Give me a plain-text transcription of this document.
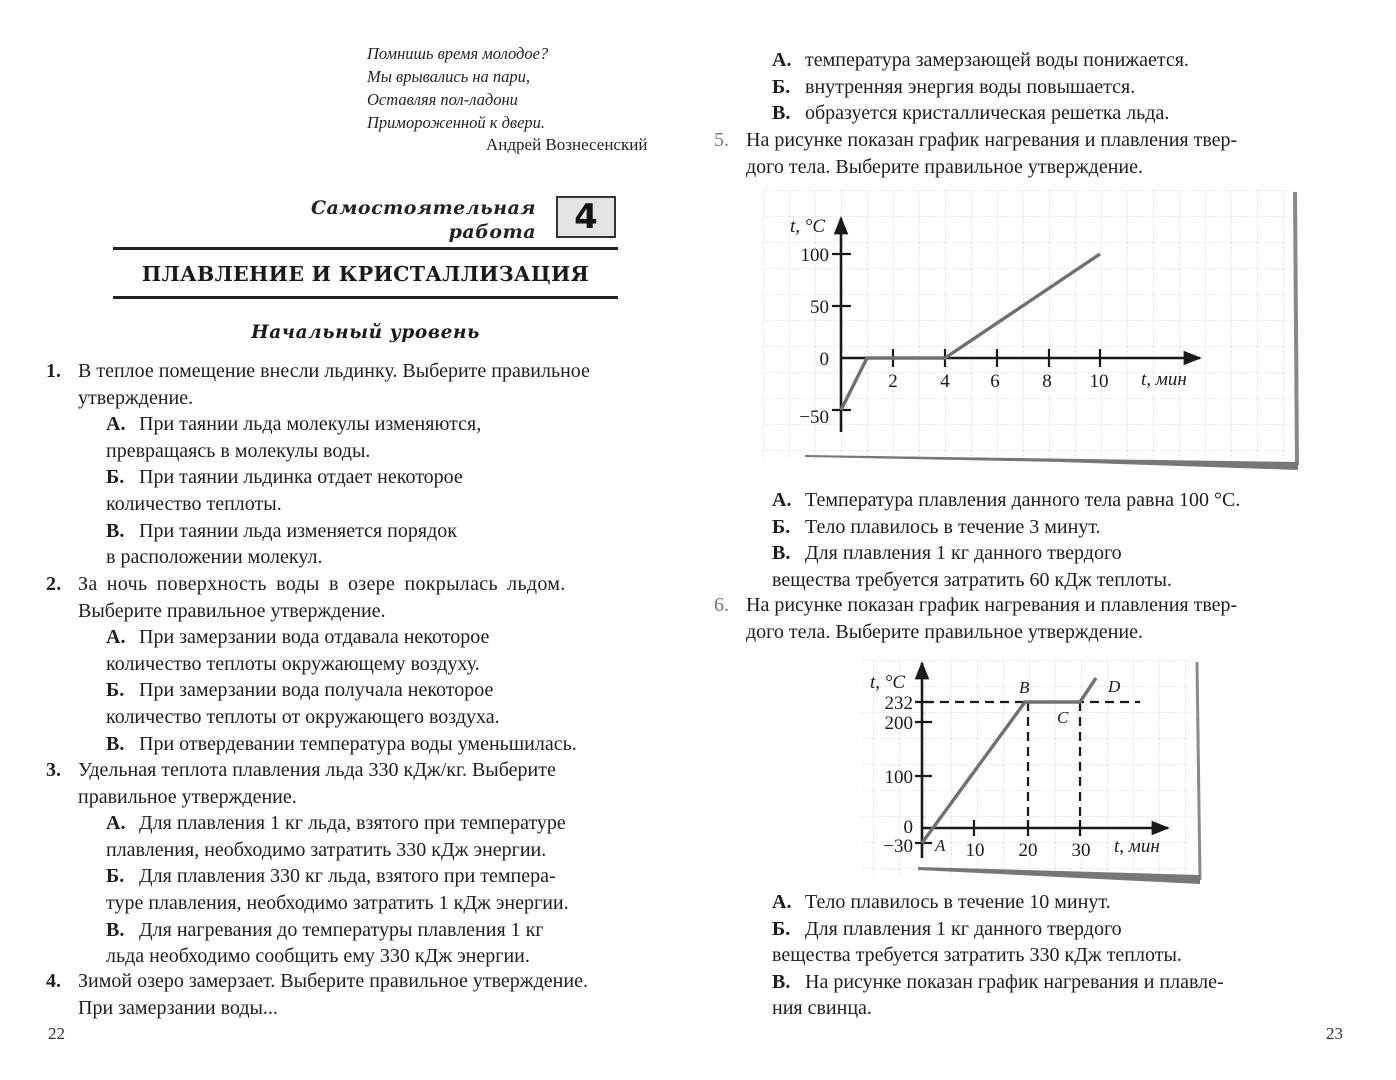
Помнишь время молодое?
Мы врывались на пари,
Оставляя пол-ладони
Примороженной к двери.
Андрей Вознесенский
Самостоятельная
работа	4
ПЛАВЛЕНИЕ И КРИСТАЛЛИЗАЦИЯ
Начальный уровень
1. В теплое помещение внесли льдинку. Выберите правильное
утверждение.
А. При таянии льда молекулы изменяются,
превращаясь в молекулы воды.
Б. При таянии льдинка отдает некоторое
количество теплоты.
В. При таянии льда изменяется порядок
в расположении молекул.
2. За ночь поверхность воды в озере покрылась льдом.
Выберите правильное утверждение.
А. При замерзании вода отдавала некоторое
количество теплоты окружающему воздуху.
Б. При замерзании вода получала некоторое
количество теплоты от окружающего воздуха.
В. При отвердевании температура воды уменьшилась.
3. Удельная теплота плавления льда 330 кДж/кг. Выберите
правильное утверждение.
А. Для плавления 1 кг льда, взятого при температуре
плавления, необходимо затратить 330 кДж энергии.
Б. Для плавления 330 кг льда, взятого при темпера-
туре плавления, необходимо затратить 1 кДж энергии.
В. Для нагревания до температуры плавления 1 кг
льда необходимо сообщить ему 330 кДж энергии.
4. Зимой озеро замерзает. Выберите правильное утверждение.
При замерзании воды...
22
А. температура замерзающей воды понижается.
Б. внутренняя энергия воды повышается.
В. образуется кристаллическая решетка льда.
5. На рисунке показан график нагревания и плавления твер-
дого тела. Выберите правильное утверждение.
t, °C
100
50
0
−50
2 4 6 8 10 t, мин
А. Температура плавления данного тела равна 100 °С.
Б. Тело плавилось в течение 3 минут.
В. Для плавления 1 кг данного твердого
вещества требуется затратить 60 кДж теплоты.
6. На рисунке показан график нагревания и плавления твер-
дого тела. Выберите правильное утверждение.
t, °C
232
200
100
0
−30	10 20 30 t, мин
A
B
C
D
А. Тело плавилось в течение 10 минут.
Б. Для плавления 1 кг данного твердого
вещества требуется затратить 330 кДж теплоты.
В. На рисунке показан график нагревания и плавле-
ния свинца.
23
